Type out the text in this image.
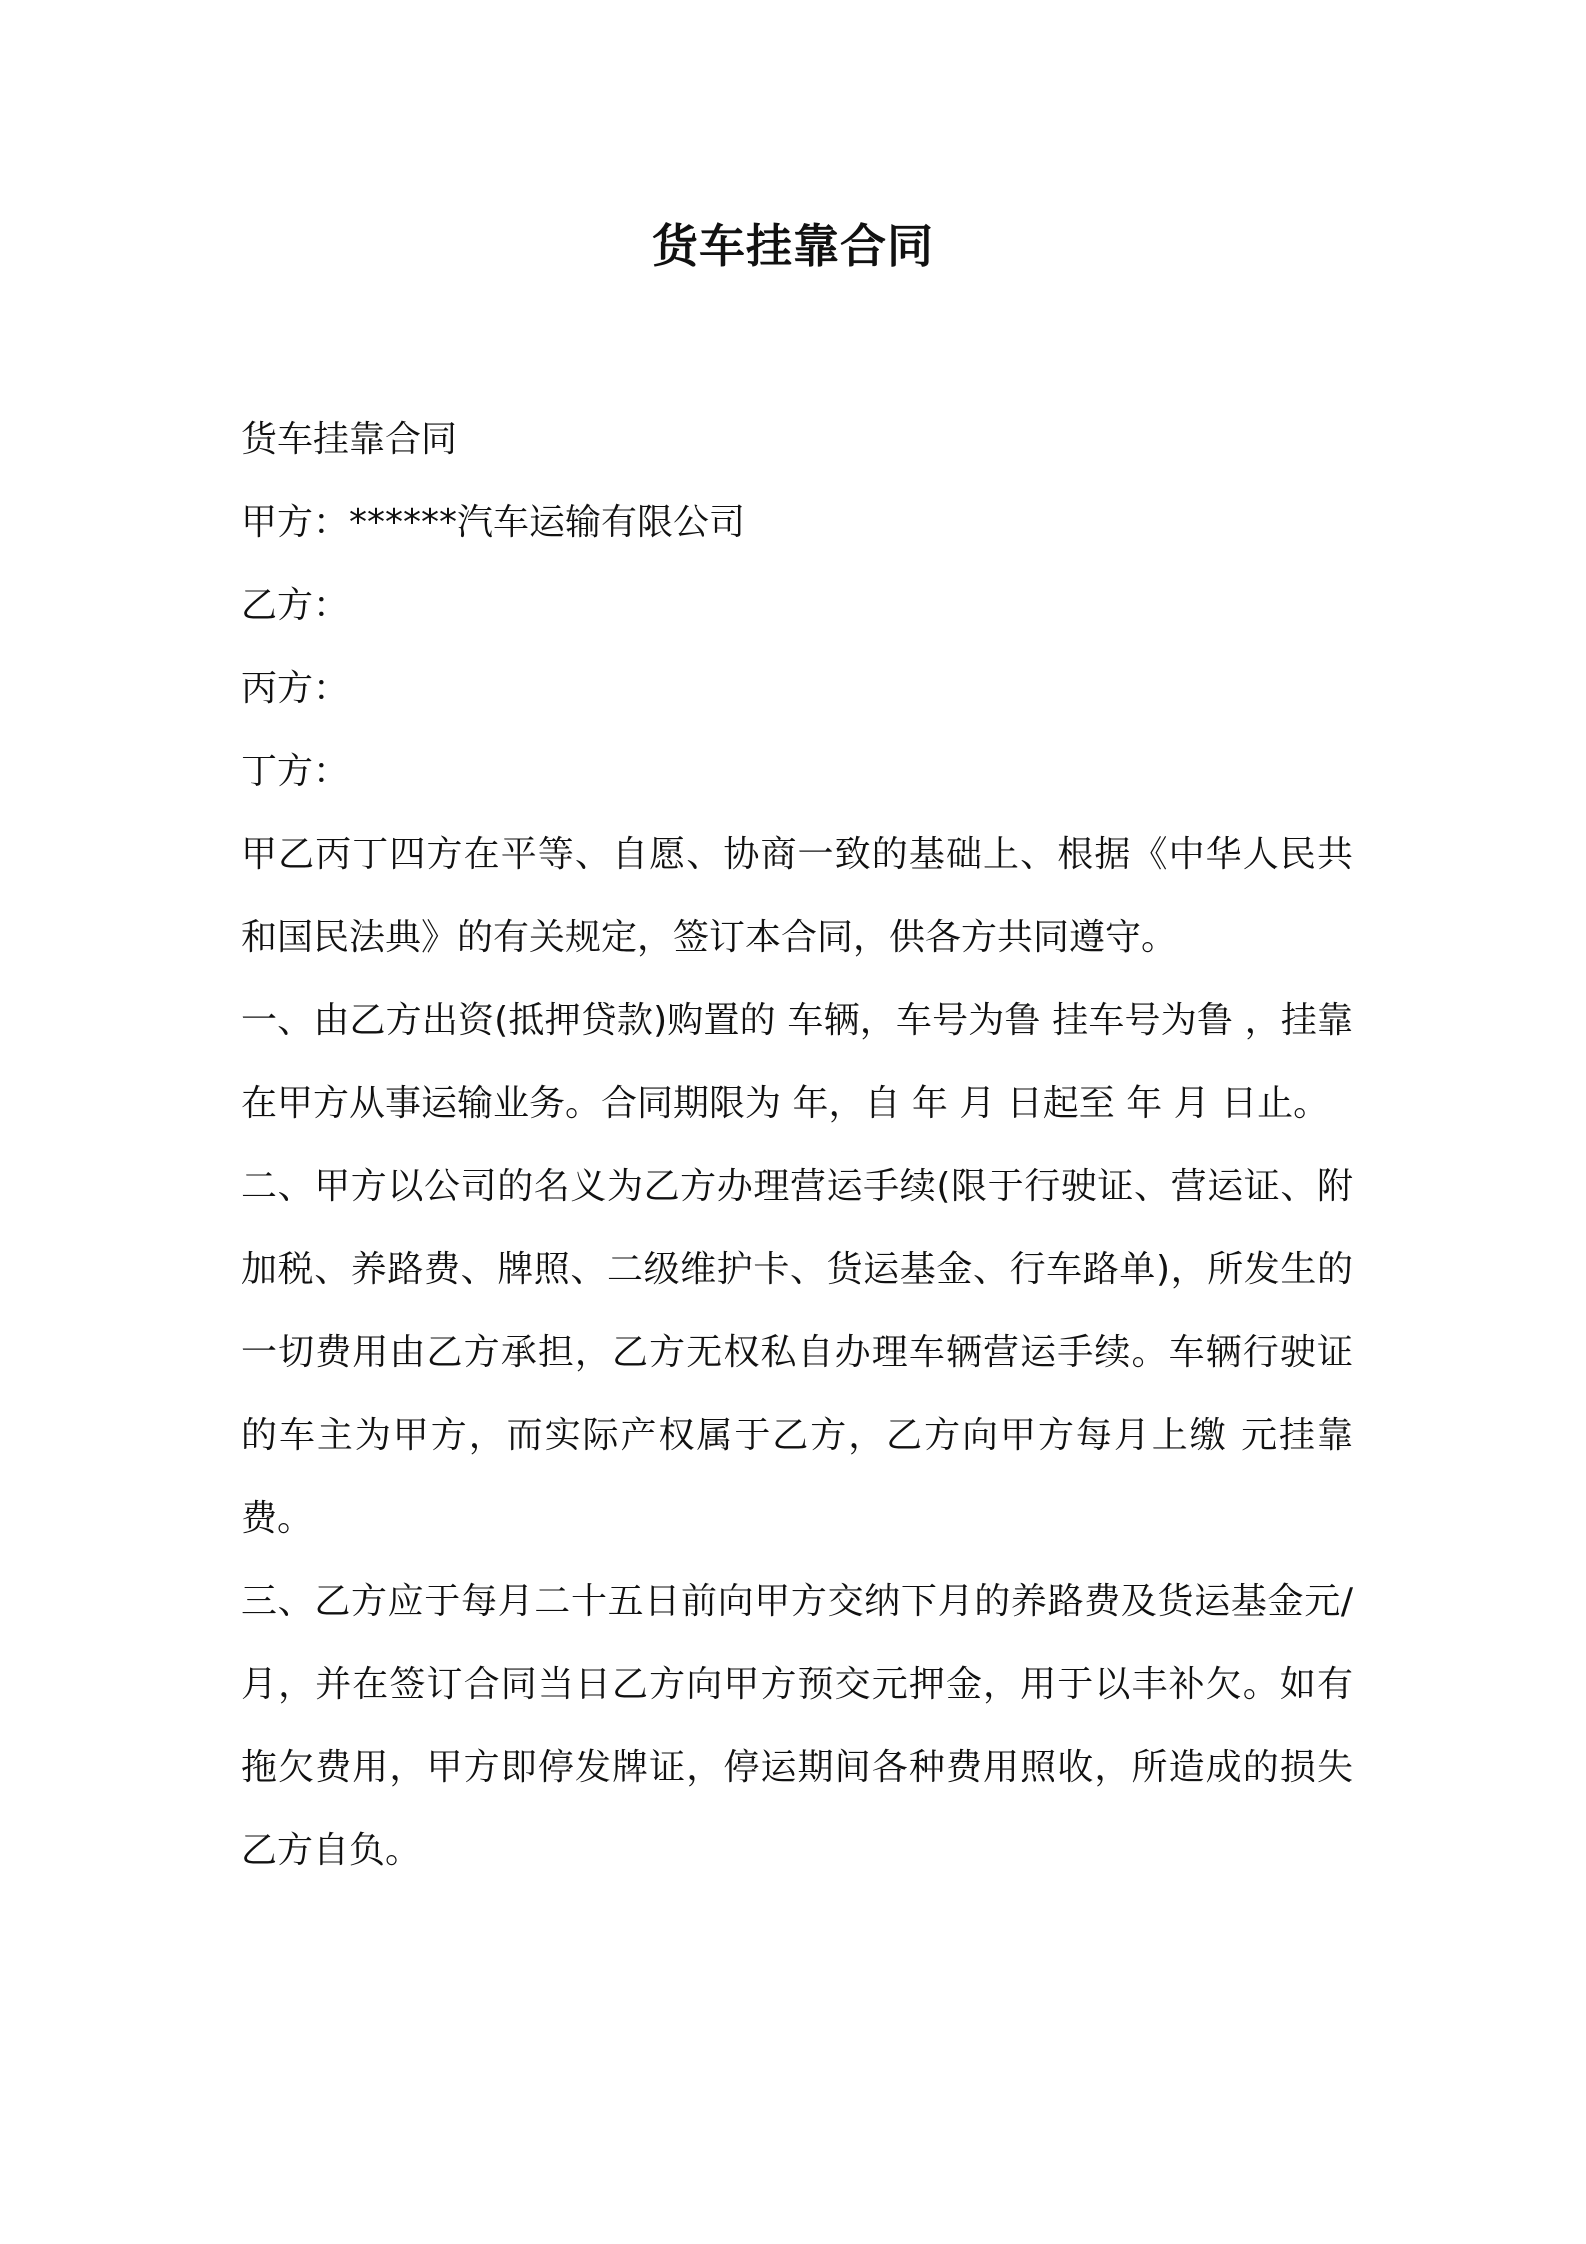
货车挂靠合同

货车挂靠合同

甲方：******汽车运输有限公司

乙方：

丙方：

丁方：

甲乙丙丁四方在平等、自愿、协商一致的基础上、根据《中华人民共和国民法典》的有关规定，签订本合同，供各方共同遵守。

一、由乙方出资(抵押贷款)购置的 车辆，车号为鲁 挂车号为鲁 ，挂靠在甲方从事运输业务。合同期限为 年，自 年 月 日起至 年 月 日止。

二、甲方以公司的名义为乙方办理营运手续(限于行驶证、营运证、附加税、养路费、牌照、二级维护卡、货运基金、行车路单)，所发生的一切费用由乙方承担，乙方无权私自办理车辆营运手续。车辆行驶证的车主为甲方，而实际产权属于乙方，乙方向甲方每月上缴 元挂靠费。

三、乙方应于每月二十五日前向甲方交纳下月的养路费及货运基金元/月，并在签订合同当日乙方向甲方预交元押金，用于以丰补欠。如有拖欠费用，甲方即停发牌证，停运期间各种费用照收，所造成的损失乙方自负。
